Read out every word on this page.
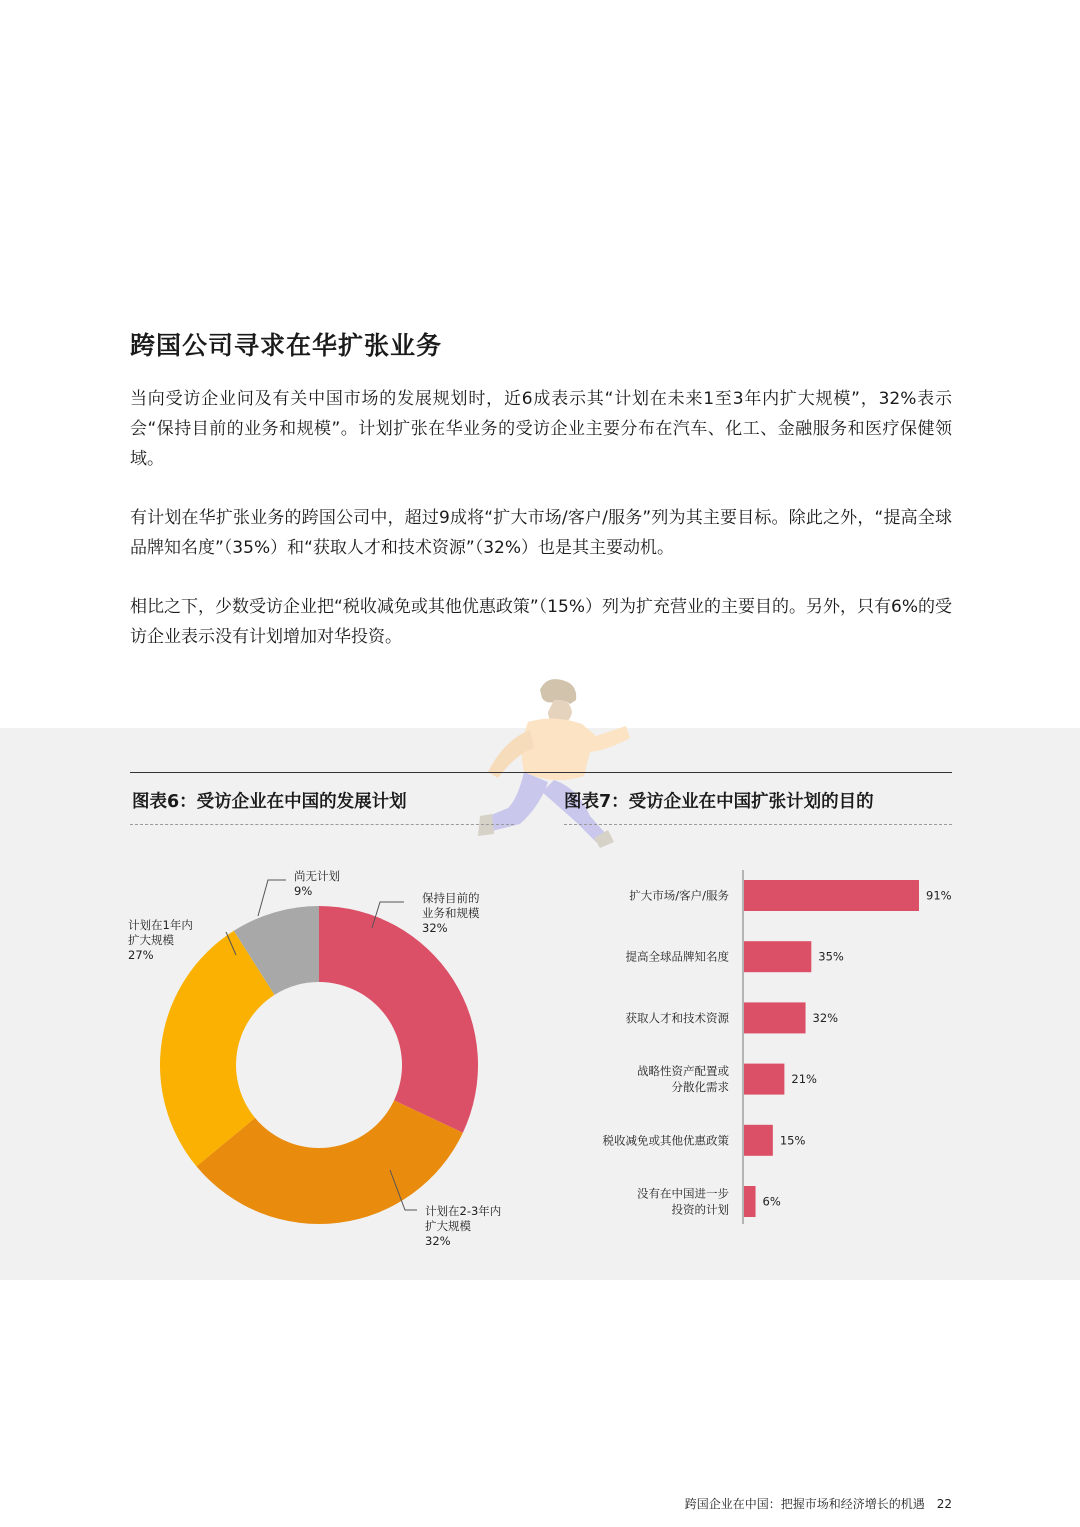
跨国公司寻求在华扩张业务

当向受访企业问及有关中国市场的发展规划时，近6成表示其“计划在未来1至3年内扩大规模”，32%表示会“保持目前的业务和规模”。计划扩张在华业务的受访企业主要分布在汽车、化工、金融服务和医疗保健领域。

有计划在华扩张业务的跨国公司中，超过9成将“扩大市场/客户/服务”列为其主要目标。除此之外，“提高全球品牌知名度”（35%）和“获取人才和技术资源”（32%）也是其主要动机。

相比之下，少数受访企业把“税收减免或其他优惠政策”（15%）列为扩充营业的主要目的。另外，只有6%的受访企业表示没有计划增加对华投资。

图表6：受访企业在中国的发展计划	图表7：受访企业在中国扩张计划的目的
保持目前的
业务和规模
32%
计划在2-3年内
扩大规模
32%
计划在1年内
扩大规模
27%
尚无计划
9%	91%
扩大市场/客户/服务
35%
提高全球品牌知名度
32%
获取人才和技术资源
21%
战略性资产配置或
分散化需求
15%
税收减免或其他优惠政策
6%
没有在中国进一步
投资的计划
跨国企业在中国：把握市场和经济增长的机遇 22
